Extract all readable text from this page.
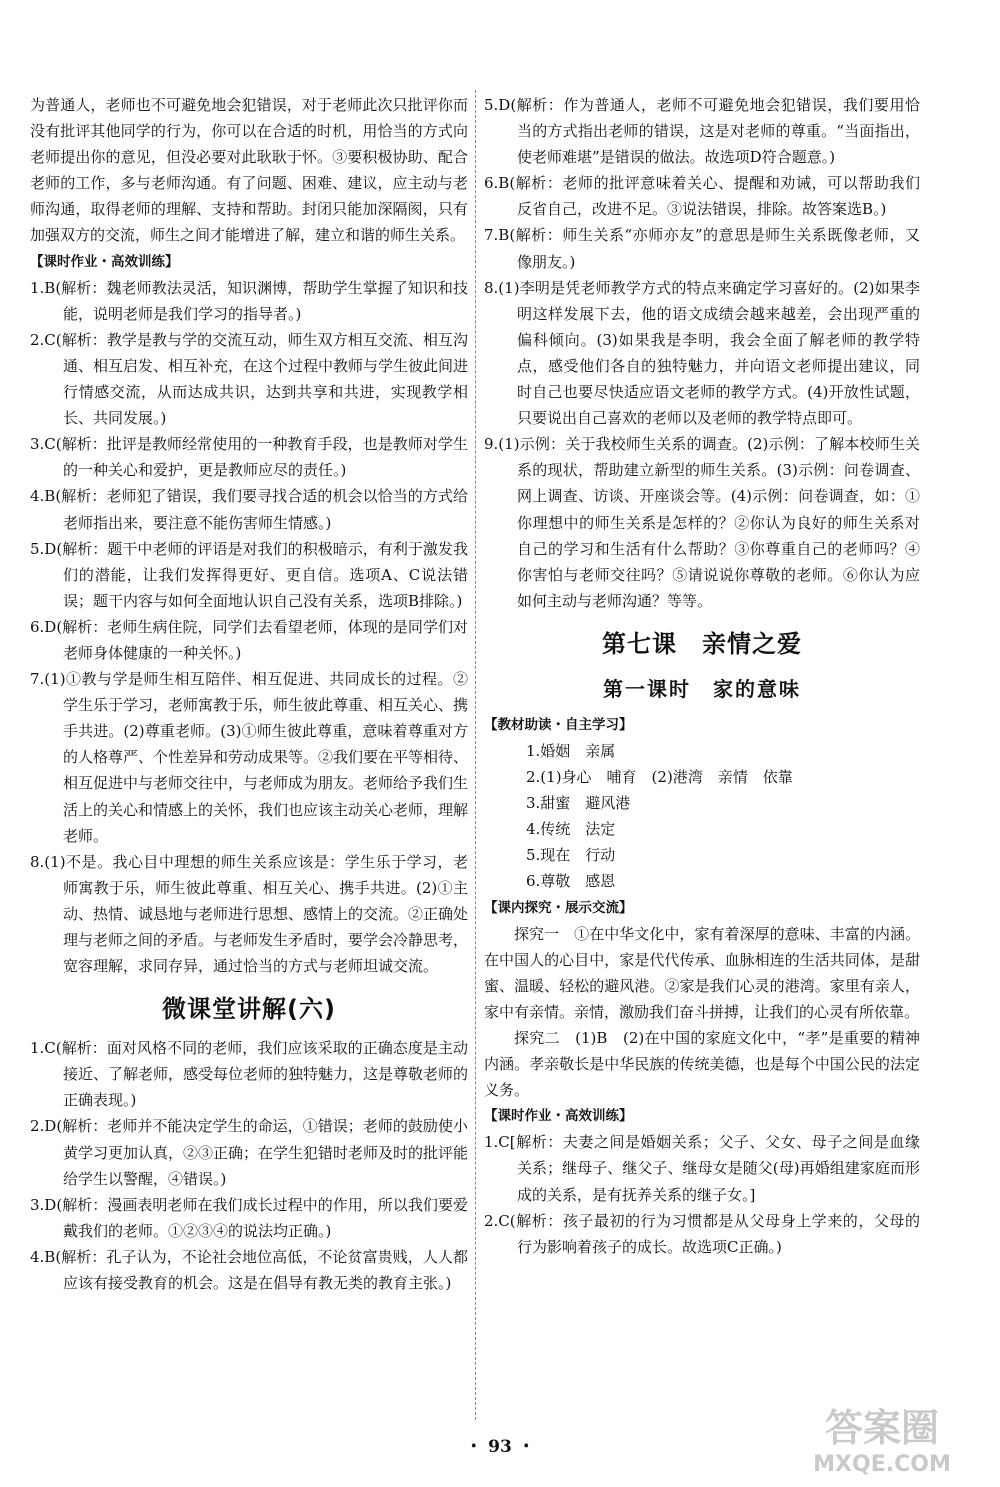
为普通人，老师也不可避免地会犯错误，对于老师此次只批评你而没有批评其他同学的行为，你可以在合适的时机，用恰当的方式向老师提出你的意见，但没必要对此耿耿于怀。③要积极协助、配合老师的工作，多与老师沟通。有了问题、困难、建议，应主动与老师沟通，取得老师的理解、支持和帮助。封闭只能加深隔阂，只有加强双方的交流，师生之间才能增进了解，建立和谐的师生关系。

【课时作业・高效训练】

1.B(解析：魏老师教法灵活，知识渊博，帮助学生掌握了知识和技能，说明老师是我们学习的指导者。)

2.C(解析：教学是教与学的交流互动，师生双方相互交流、相互沟通、相互启发、相互补充，在这个过程中教师与学生彼此间进行情感交流，从而达成共识，达到共享和共进，实现教学相长、共同发展。)

3.C(解析：批评是教师经常使用的一种教育手段，也是教师对学生的一种关心和爱护，更是教师应尽的责任。)

4.B(解析：老师犯了错误，我们要寻找合适的机会以恰当的方式给老师指出来，要注意不能伤害师生情感。)

5.D(解析：题干中老师的评语是对我们的积极暗示，有利于激发我们的潜能，让我们发挥得更好、更自信。选项A、C说法错误；题干内容与如何全面地认识自己没有关系，选项B排除。)

6.D(解析：老师生病住院，同学们去看望老师，体现的是同学们对老师身体健康的一种关怀。)

7.(1)①教与学是师生相互陪伴、相互促进、共同成长的过程。②学生乐于学习，老师寓教于乐，师生彼此尊重、相互关心、携手共进。(2)尊重老师。(3)①师生彼此尊重，意味着尊重对方的人格尊严、个性差异和劳动成果等。②我们要在平等相待、相互促进中与老师交往中，与老师成为朋友。老师给予我们生活上的关心和情感上的关怀，我们也应该主动关心老师，理解老师。

8.(1)不是。我心目中理想的师生关系应该是：学生乐于学习，老师寓教于乐，师生彼此尊重、相互关心、携手共进。(2)①主动、热情、诚恳地与老师进行思想、感情上的交流。②正确处理与老师之间的矛盾。与老师发生矛盾时，要学会冷静思考，宽容理解，求同存异，通过恰当的方式与老师坦诚交流。

微课堂讲解(六)

1.C(解析：面对风格不同的老师，我们应该采取的正确态度是主动接近、了解老师，感受每位老师的独特魅力，这是尊敬老师的正确表现。)

2.D(解析：老师并不能决定学生的命运，①错误；老师的鼓励使小黄学习更加认真，②③正确；在学生犯错时老师及时的批评能给学生以警醒，④错误。)

3.D(解析：漫画表明老师在我们成长过程中的作用，所以我们要爱戴我们的老师。①②③④的说法均正确。)

4.B(解析：孔子认为，不论社会地位高低，不论贫富贵贱，人人都应该有接受教育的机会。这是在倡导有教无类的教育主张。)

5.D(解析：作为普通人，老师不可避免地会犯错误，我们要用恰当的方式指出老师的错误，这是对老师的尊重。“当面指出，使老师难堪”是错误的做法。故选项D符合题意。)

6.B(解析：老师的批评意味着关心、提醒和劝诫，可以帮助我们反省自己，改进不足。③说法错误，排除。故答案选B。)

7.B(解析：师生关系“亦师亦友”的意思是师生关系既像老师，又像朋友。)

8.(1)李明是凭老师教学方式的特点来确定学习喜好的。(2)如果李明这样发展下去，他的语文成绩会越来越差，会出现严重的偏科倾向。(3)如果我是李明，我会全面了解老师的教学特点，感受他们各自的独特魅力，并向语文老师提出建议，同时自己也要尽快适应语文老师的教学方式。(4)开放性试题，只要说出自己喜欢的老师以及老师的教学特点即可。

9.(1)示例：关于我校师生关系的调查。(2)示例：了解本校师生关系的现状，帮助建立新型的师生关系。(3)示例：问卷调查、网上调查、访谈、开座谈会等。(4)示例：问卷调查，如：①你理想中的师生关系是怎样的？②你认为良好的师生关系对自己的学习和生活有什么帮助？③你尊重自己的老师吗？④你害怕与老师交往吗？⑤请说说你尊敬的老师。⑥你认为应如何主动与老师沟通？等等。

第七课　亲情之爱
第一课时　家的意味

【教材助读・自主学习】

1.婚姻　亲属

2.(1)身心　哺育　(2)港湾　亲情　依靠

3.甜蜜　避风港

4.传统　法定

5.现在　行动

6.尊敬　感恩

【课内探究・展示交流】

探究一　①在中华文化中，家有着深厚的意味、丰富的内涵。在中国人的心目中，家是代代传承、血脉相连的生活共同体，是甜蜜、温暖、轻松的避风港。②家是我们心灵的港湾。家里有亲人，家中有亲情。亲情，激励我们奋斗拼搏，让我们的心灵有所依靠。

探究二　(1)B　(2)在中国的家庭文化中，“孝”是重要的精神内涵。孝亲敬长是中华民族的传统美德，也是每个中国公民的法定义务。

【课时作业・高效训练】

1.C[解析：夫妻之间是婚姻关系；父子、父女、母子之间是血缘关系；继母子、继父子、继母女是随父(母)再婚组建家庭而形成的关系，是有抚养关系的继子女。]

2.C(解析：孩子最初的行为习惯都是从父母身上学来的，父母的行为影响着孩子的成长。故选项C正确。)

・ 93 ・	答案圈
MXQE.COM
